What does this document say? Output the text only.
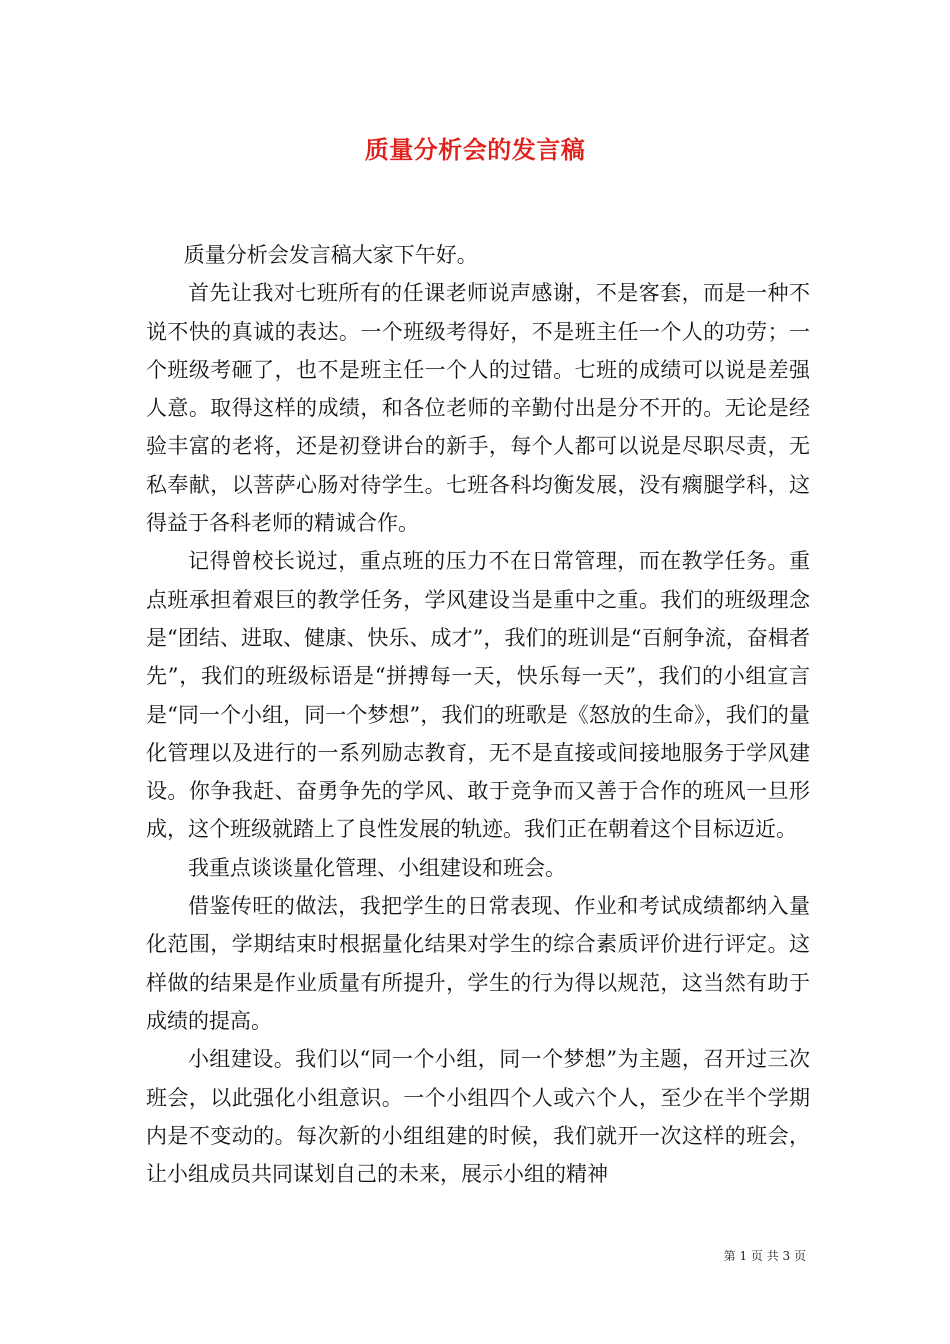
质量分析会的发言稿

质量分析会发言稿大家下午好。

首先让我对七班所有的任课老师说声感谢，不是客套，而是一种不说不快的真诚的表达。一个班级考得好，不是班主任一个人的功劳；一个班级考砸了，也不是班主任一个人的过错。七班的成绩可以说是差强人意。取得这样的成绩，和各位老师的辛勤付出是分不开的。无论是经验丰富的老将，还是初登讲台的新手，每个人都可以说是尽职尽责，无私奉献，以菩萨心肠对待学生。七班各科均衡发展，没有瘸腿学科，这得益于各科老师的精诚合作。

记得曾校长说过，重点班的压力不在日常管理，而在教学任务。重点班承担着艰巨的教学任务，学风建设当是重中之重。我们的班级理念是“团结、进取、健康、快乐、成才”，我们的班训是“百舸争流，奋楫者先”，我们的班级标语是“拼搏每一天，快乐每一天”，我们的小组宣言是“同一个小组，同一个梦想”，我们的班歌是《怒放的生命》，我们的量化管理以及进行的一系列励志教育，无不是直接或间接地服务于学风建设。你争我赶、奋勇争先的学风、敢于竞争而又善于合作的班风一旦形成，这个班级就踏上了良性发展的轨迹。我们正在朝着这个目标迈近。

我重点谈谈量化管理、小组建设和班会。

借鉴传旺的做法，我把学生的日常表现、作业和考试成绩都纳入量化范围，学期结束时根据量化结果对学生的综合素质评价进行评定。这样做的结果是作业质量有所提升，学生的行为得以规范，这当然有助于成绩的提高。

小组建设。我们以“同一个小组，同一个梦想”为主题，召开过三次班会，以此强化小组意识。一个小组四个人或六个人，至少在半个学期内是不变动的。每次新的小组组建的时候，我们就开一次这样的班会，让小组成员共同谋划自己的未来，展示小组的精神

第 1 页 共 3 页
